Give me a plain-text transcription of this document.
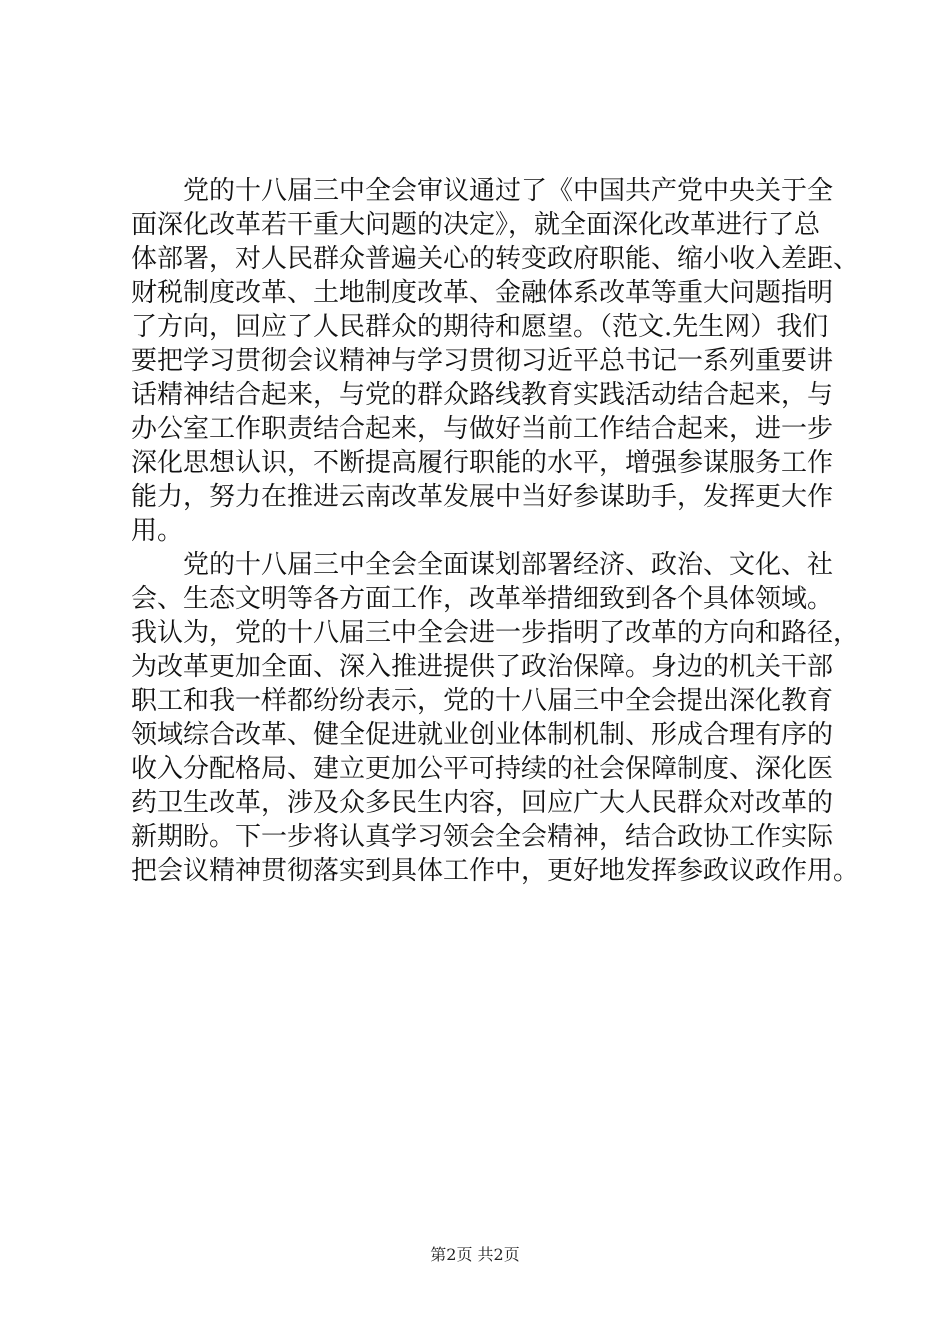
党的十八届三中全会审议通过了《中国共产党中央关于全
面深化改革若干重大问题的决定》，就全面深化改革进行了总
体部署，对人民群众普遍关心的转变政府职能、缩小收入差距、
财税制度改革、土地制度改革、金融体系改革等重大问题指明
了方向，回应了人民群众的期待和愿望。（范文.先生网）我们
要把学习贯彻会议精神与学习贯彻习近平总书记一系列重要讲
话精神结合起来，与党的群众路线教育实践活动结合起来，与
办公室工作职责结合起来，与做好当前工作结合起来，进一步
深化思想认识，不断提高履行职能的水平，增强参谋服务工作
能力，努力在推进云南改革发展中当好参谋助手，发挥更大作
用。
党的十八届三中全会全面谋划部署经济、政治、文化、社
会、生态文明等各方面工作，改革举措细致到各个具体领域。
我认为，党的十八届三中全会进一步指明了改革的方向和路径，
为改革更加全面、深入推进提供了政治保障。身边的机关干部
职工和我一样都纷纷表示，党的十八届三中全会提出深化教育
领域综合改革、健全促进就业创业体制机制、形成合理有序的
收入分配格局、建立更加公平可持续的社会保障制度、深化医
药卫生改革，涉及众多民生内容，回应广大人民群众对改革的
新期盼。下一步将认真学习领会全会精神，结合政协工作实际
把会议精神贯彻落实到具体工作中，更好地发挥参政议政作用。
第2页 共2页
